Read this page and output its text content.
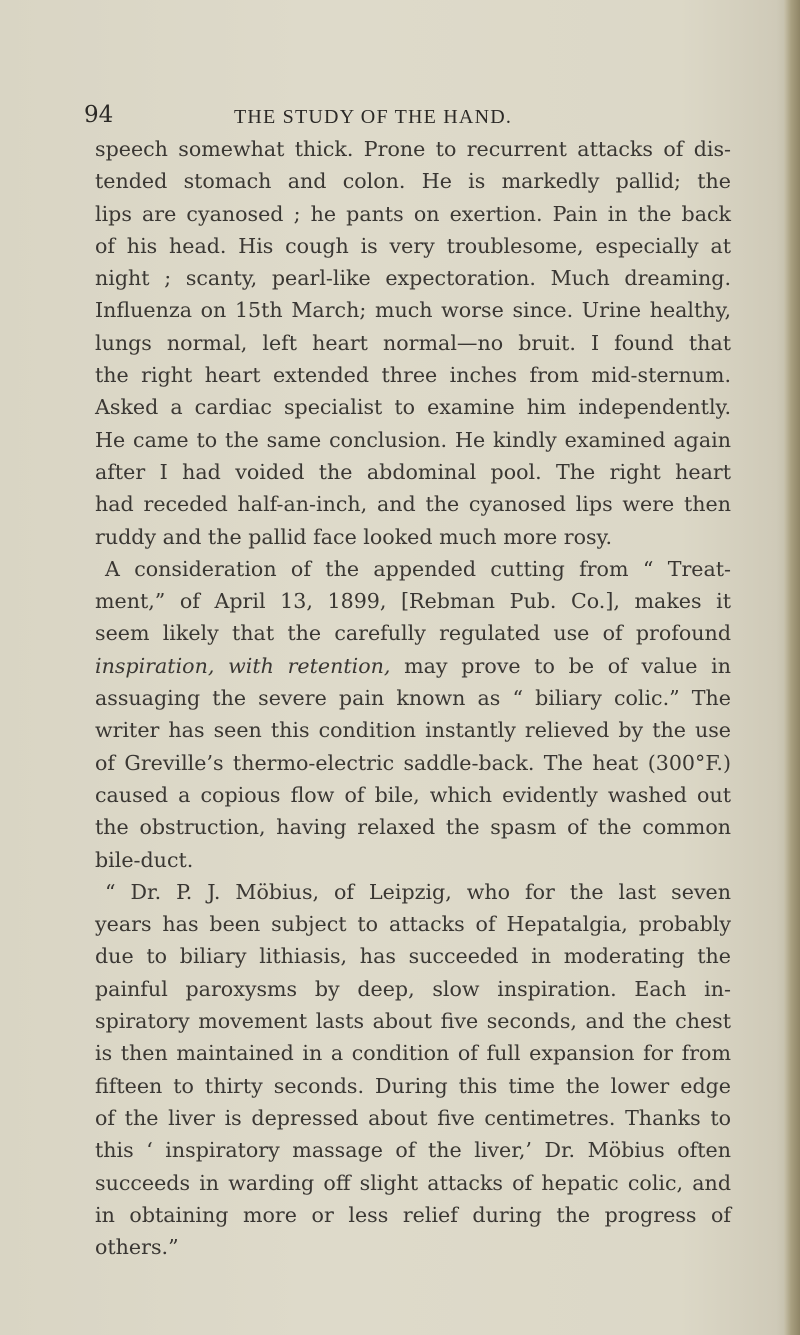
94	THE STUDY OF THE HAND.
speech somewhat thick. Prone to recurrent attacks of dis-
tended stomach and colon. He is markedly pallid; the
lips are cyanosed ; he pants on exertion. Pain in the back
of his head. His cough is very troublesome, especially at
night ; scanty, pearl-like expectoration. Much dreaming.
Influenza on 15th March; much worse since. Urine healthy,
lungs normal, left heart normal—no bruit. I found that
the right heart extended three inches from mid-sternum.
Asked a cardiac specialist to examine him independently.
He came to the same conclusion. He kindly examined again
after I had voided the abdominal pool. The right heart
had receded half-an-inch, and the cyanosed lips were then
ruddy and the pallid face looked much more rosy.
A consideration of the appended cutting from “ Treat-
ment,” of April 13, 1899, [Rebman Pub. Co.], makes it
seem likely that the carefully regulated use of profound
inspiration, with retention, may prove to be of value in
assuaging the severe pain known as “ biliary colic.” The
writer has seen this condition instantly relieved by the use
of Greville’s thermo-electric saddle-back. The heat (300°F.)
caused a copious flow of bile, which evidently washed out
the obstruction, having relaxed the spasm of the common
bile-duct.
“ Dr. P. J. Möbius, of Leipzig, who for the last seven
years has been subject to attacks of Hepatalgia, probably
due to biliary lithiasis, has succeeded in moderating the
painful paroxysms by deep, slow inspiration. Each in-
spiratory movement lasts about five seconds, and the chest
is then maintained in a condition of full expansion for from
fifteen to thirty seconds. During this time the lower edge
of the liver is depressed about five centimetres. Thanks to
this ‘ inspiratory massage of the liver,’ Dr. Möbius often
succeeds in warding off slight attacks of hepatic colic, and
in obtaining more or less relief during the progress of
others.”
